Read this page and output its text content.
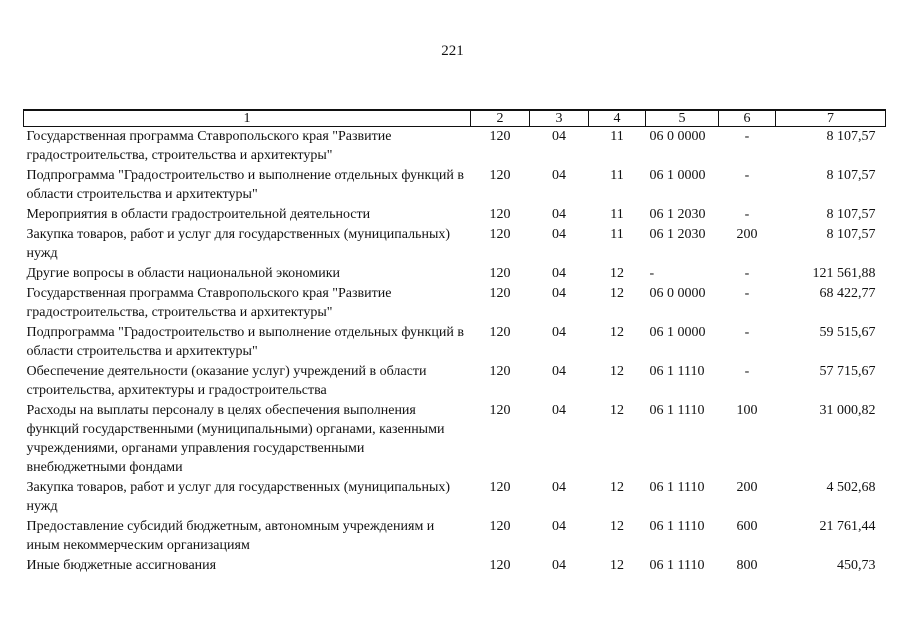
221
1	2	3	4	5	6	7
Государственная программа Ставропольского края "Развитие градостроительства, строительства и архитектуры"	120	04	11	06 0 0000	-	8 107,57
Подпрограмма "Градостроительство и выполнение отдельных функций в области строительства и архитектуры"	120	04	11	06 1 0000	-	8 107,57
Мероприятия в области градостроительной деятельности	120	04	11	06 1 2030	-	8 107,57
Закупка товаров, работ и услуг для государственных (муниципальных) нужд	120	04	11	06 1 2030	200	8 107,57
Другие вопросы в области национальной экономики	120	04	12	-	-	121 561,88
Государственная программа Ставропольского края "Развитие градостроительства, строительства и архитектуры"	120	04	12	06 0 0000	-	68 422,77
Подпрограмма "Градостроительство и выполнение отдельных функций в области строительства и архитектуры"	120	04	12	06 1 0000	-	59 515,67
Обеспечение деятельности (оказание услуг) учреждений в области строительства, архитектуры и градостроительства	120	04	12	06 1 1110	-	57 715,67
Расходы на выплаты персоналу в целях обеспечения выполнения функций государственными (муниципальными) органами, казенными учреждениями, органами управления государственными внебюджетными фондами	120	04	12	06 1 1110	100	31 000,82
Закупка товаров, работ и услуг для государственных (муниципальных) нужд	120	04	12	06 1 1110	200	4 502,68
Предоставление субсидий бюджетным, автономным учреждениям и иным некоммерческим организациям	120	04	12	06 1 1110	600	21 761,44
Иные бюджетные ассигнования	120	04	12	06 1 1110	800	450,73
